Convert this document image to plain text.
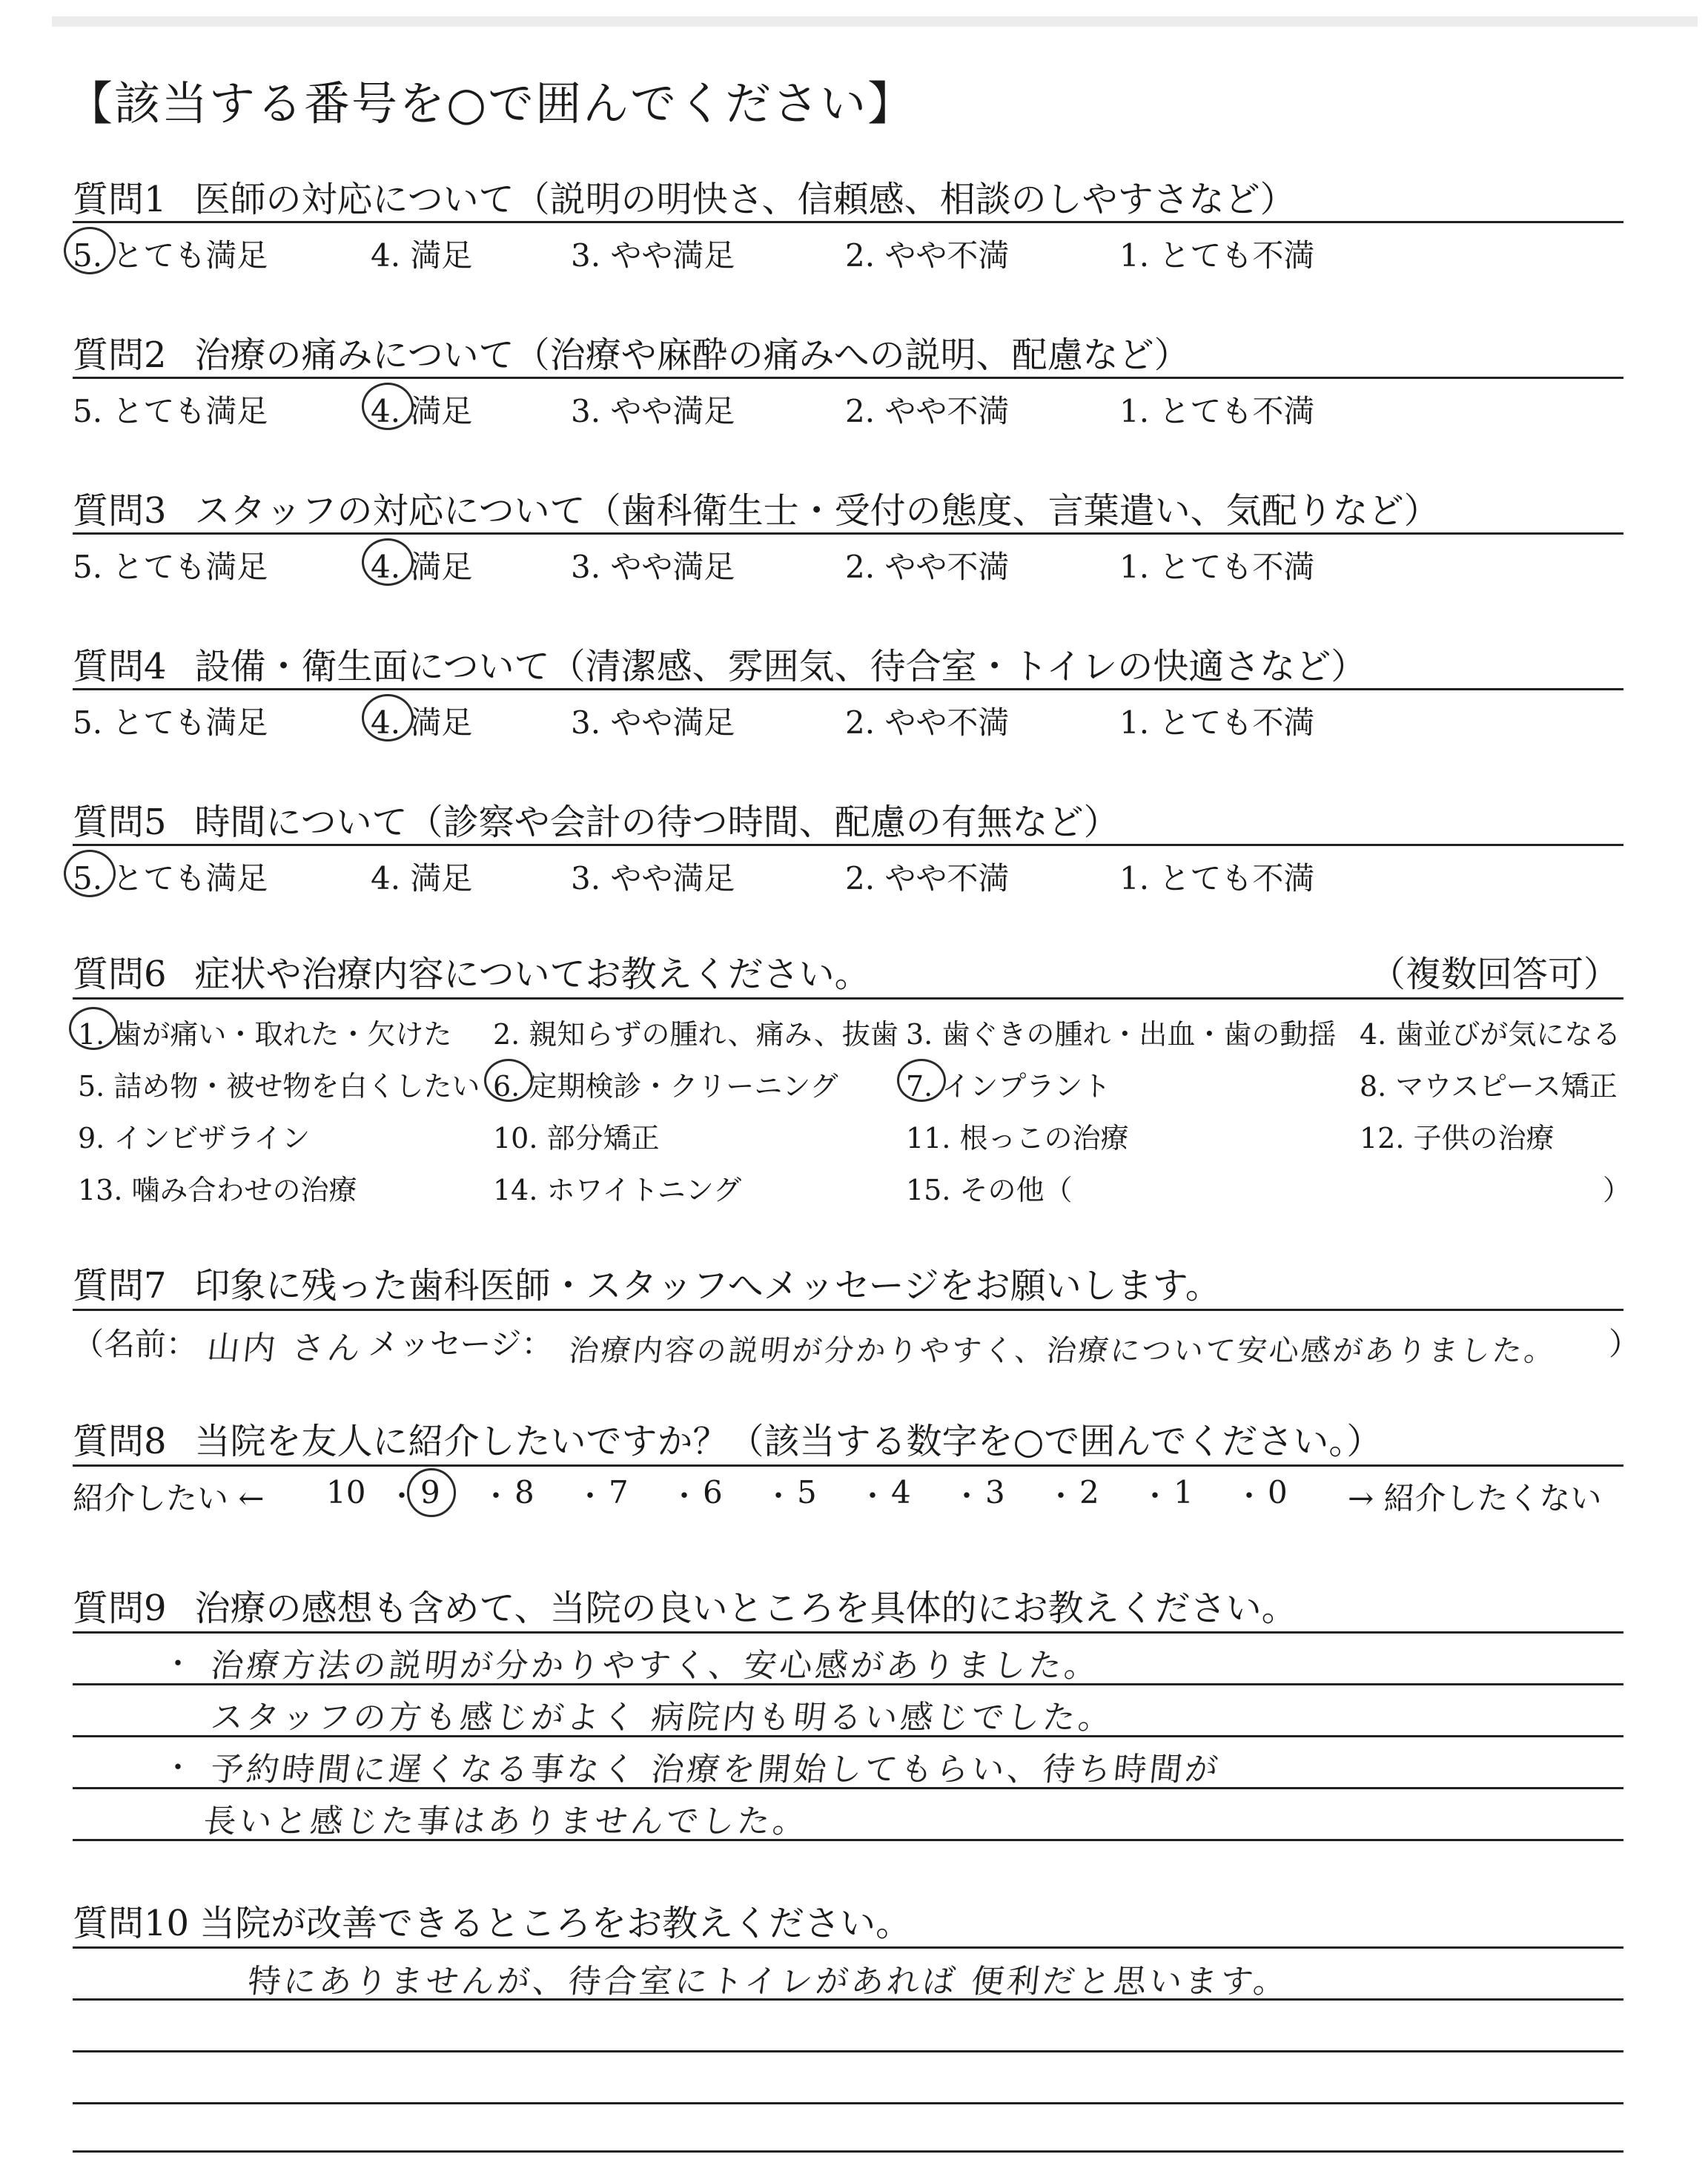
【該当する番号を○で囲んでください】
質問1 医師の対応について（説明の明快さ、信頼感、相談のしやすさなど）
5. とても満足	4. 満足	3. やや満足	2. やや不満	1. とても不満
質問2 治療の痛みについて（治療や麻酔の痛みへの説明、配慮など）
5. とても満足	4. 満足	3. やや満足	2. やや不満	1. とても不満
質問3 スタッフの対応について（歯科衛生士・受付の態度、言葉遣い、気配りなど）
5. とても満足	4. 満足	3. やや満足	2. やや不満	1. とても不満
質問4 設備・衛生面について（清潔感、雰囲気、待合室・トイレの快適さなど）
5. とても満足	4. 満足	3. やや満足	2. やや不満	1. とても不満
質問5 時間について（診察や会計の待つ時間、配慮の有無など）
5. とても満足	4. 満足	3. やや満足	2. やや不満	1. とても不満
質問6 症状や治療内容についてお教えください。	（複数回答可）
1. 歯が痛い・取れた・欠けた 2. 親知らずの腫れ、痛み、抜歯 3. 歯ぐきの腫れ・出血・歯の動揺 4. 歯並びが気になる
5. 詰め物・被せ物を白くしたい 6. 定期検診・クリーニング 7. インプラント	8. マウスピース矯正
9. インビザライン	10. 部分矯正	11. 根っこの治療	12. 子供の治療
13. 噛み合わせの治療	14. ホワイトニング	15. その他（	）
質問7 印象に残った歯科医師・スタッフへメッセージをお願いします。
（名前： 山内 さん メッセージ： 治療内容の説明が分かりやすく、治療について安心感がありました。 ）
質問8 当院を友人に紹介したいですか？（該当する数字を○で囲んでください。）
紹介したい ←	→ 紹介したくない
10 ・ 9 ・ 8 ・ 7 ・ 6 ・ 5 ・ 4 ・ 3 ・ 2 ・ 1 ・ 0
質問9 治療の感想も含めて、当院の良いところを具体的にお教えください。
・ 治療方法の説明が分かりやすく、安心感がありました。
スタッフの方も感じがよく 病院内も明るい感じでした。
・ 予約時間に遅くなる事なく 治療を開始してもらい、待ち時間が
長いと感じた事はありませんでした。
質問10 当院が改善できるところをお教えください。
特にありませんが、待合室にトイレがあれば 便利だと思います。
